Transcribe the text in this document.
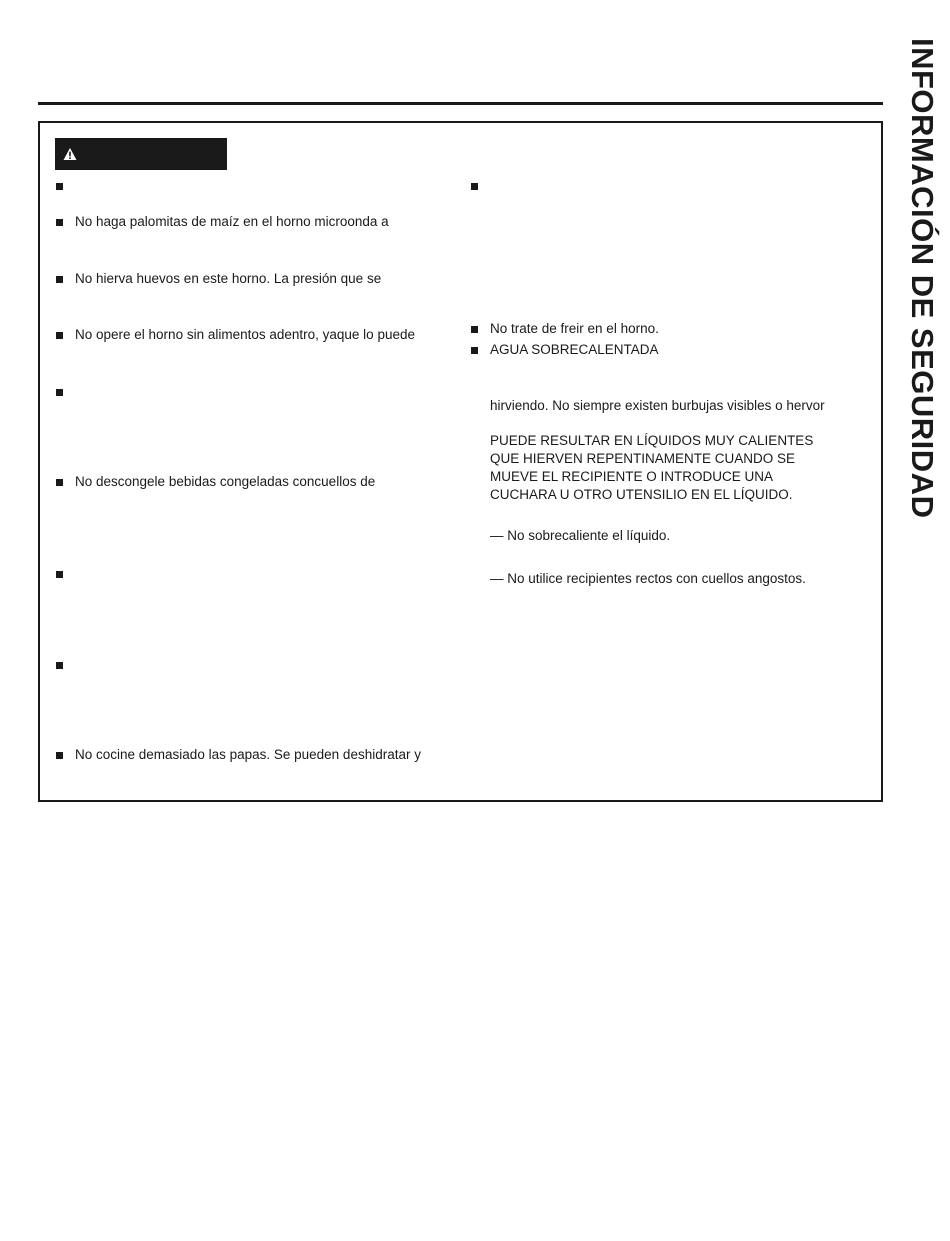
INFORMACIÓN DE SEGURIDAD
No haga palomitas de maíz en el horno microonda a
No hierva huevos en este horno. La presión que se
No opere el horno sin alimentos adentro, yaque lo puede
No descongele bebidas congeladas concuellos de
No cocine demasiado las papas. Se pueden deshidratar y
No trate de freir en el horno.
AGUA SOBRECALENTADA
hirviendo. No siempre existen burbujas visibles o hervor
PUEDE RESULTAR EN LÍQUIDOS MUY CALIENTES
QUE HIERVEN REPENTINAMENTE CUANDO SE
MUEVE EL RECIPIENTE O INTRODUCE UNA
CUCHARA U OTRO UTENSILIO EN EL LÍQUIDO.
— No sobrecaliente el líquido.
— No utilice recipientes rectos con cuellos angostos.
